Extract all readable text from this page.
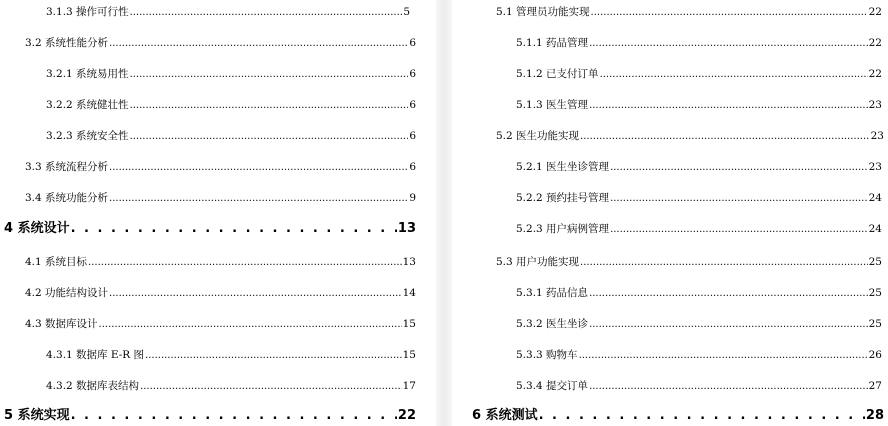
3.1.3 操作可行性 .....	5
3.2 系统性能分析 .....	6
3.2.1 系统易用性 .....	6
3.2.2 系统健壮性 .....	6
3.2.3 系统安全性 .....	6
3.3 系统流程分析 .....	6
3.4 系统功能分析 .....	9
4 系统设计 . . .	13
4.1 系统目标 .....	13
4.2 功能结构设计 .....	14
4.3 数据库设计 .....	15
4.3.1 数据库 E-R 图 .....	15
4.3.2 数据库表结构 .....	17
5 系统实现 . . .	22
5.1 管理员功能实现 .....	22
5.1.1 药品管理 .....	22
5.1.2 已支付订单 .....	22
5.1.3 医生管理 .....	23
5.2 医生功能实现 .....	23
5.2.1 医生坐诊管理 .....	23
5.2.2 预约挂号管理 .....	24
5.2.3 用户病例管理 .....	24
5.3 用户功能实现 .....	25
5.3.1 药品信息 .....	25
5.3.2 医生坐诊 .....	25
5.3.3 购物车 .....	26
5.3.4 提交订单 .....	27
6 系统测试 . . .	28
